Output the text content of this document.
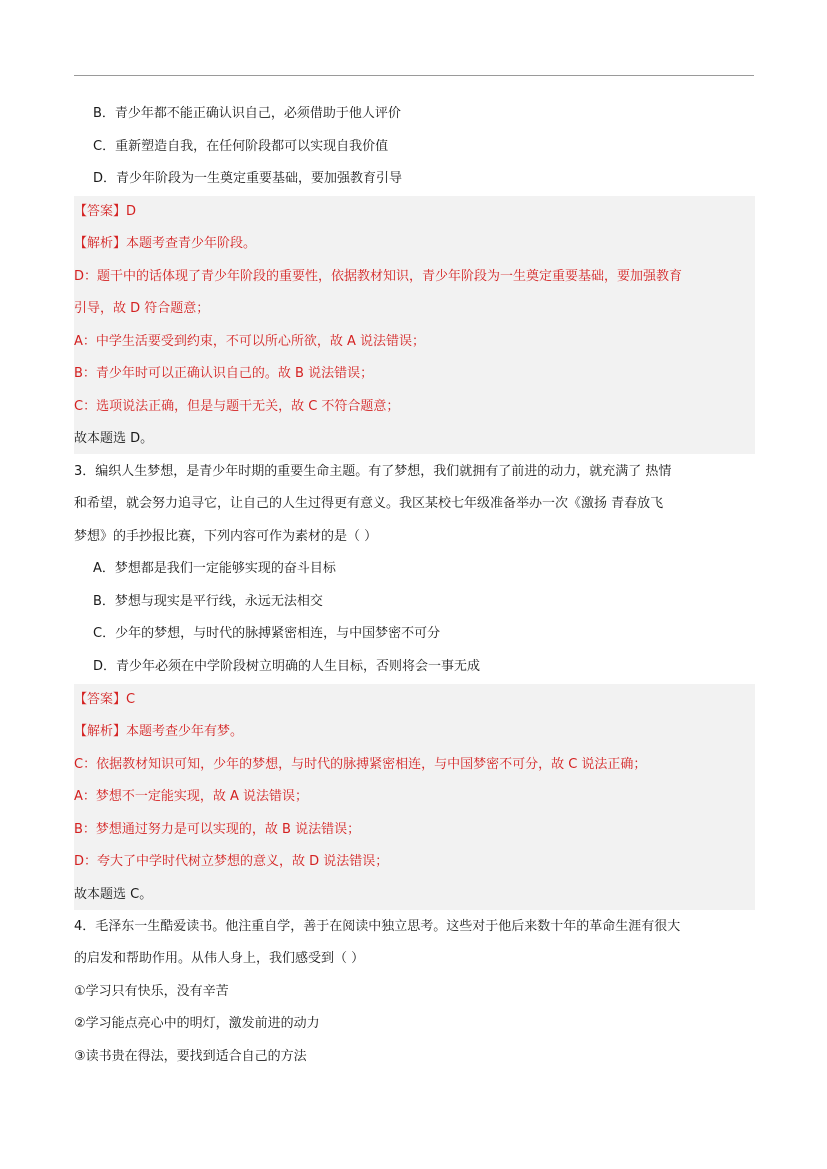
B．青少年都不能正确认识自己，必须借助于他人评价
C．重新塑造自我，在任何阶段都可以实现自我价值
D．青少年阶段为一生奠定重要基础，要加强教育引导
【答案】D
【解析】本题考查青少年阶段。
D：题干中的话体现了青少年阶段的重要性，依据教材知识，青少年阶段为一生奠定重要基础，要加强教育
引导，故 D 符合题意；
A：中学生活要受到约束，不可以所心所欲，故 A 说法错误；
B：青少年时可以正确认识自己的。故 B 说法错误；
C：选项说法正确，但是与题干无关，故 C 不符合题意；
故本题选 D。
3．编织人生梦想，是青少年时期的重要生命主题。有了梦想，我们就拥有了前进的动力，就充满了 热情
和希望，就会努力追寻它，让自己的人生过得更有意义。我区某校七年级准备举办一次《激扬 青春放飞
梦想》的手抄报比赛，下列内容可作为素材的是（ ）
A．梦想都是我们一定能够实现的奋斗目标
B．梦想与现实是平行线，永远无法相交
C．少年的梦想，与时代的脉搏紧密相连，与中国梦密不可分
D．青少年必须在中学阶段树立明确的人生目标，否则将会一事无成
【答案】C
【解析】本题考查少年有梦。
C：依据教材知识可知，少年的梦想，与时代的脉搏紧密相连，与中国梦密不可分，故 C 说法正确；
A：梦想不一定能实现，故 A 说法错误；
B：梦想通过努力是可以实现的，故 B 说法错误；
D：夸大了中学时代树立梦想的意义，故 D 说法错误；
故本题选 C。
4．毛泽东一生酷爱读书。他注重自学，善于在阅读中独立思考。这些对于他后来数十年的革命生涯有很大
的启发和帮助作用。从伟人身上，我们感受到（ ）
①学习只有快乐，没有辛苦
②学习能点亮心中的明灯，激发前进的动力
③读书贵在得法，要找到适合自己的方法
